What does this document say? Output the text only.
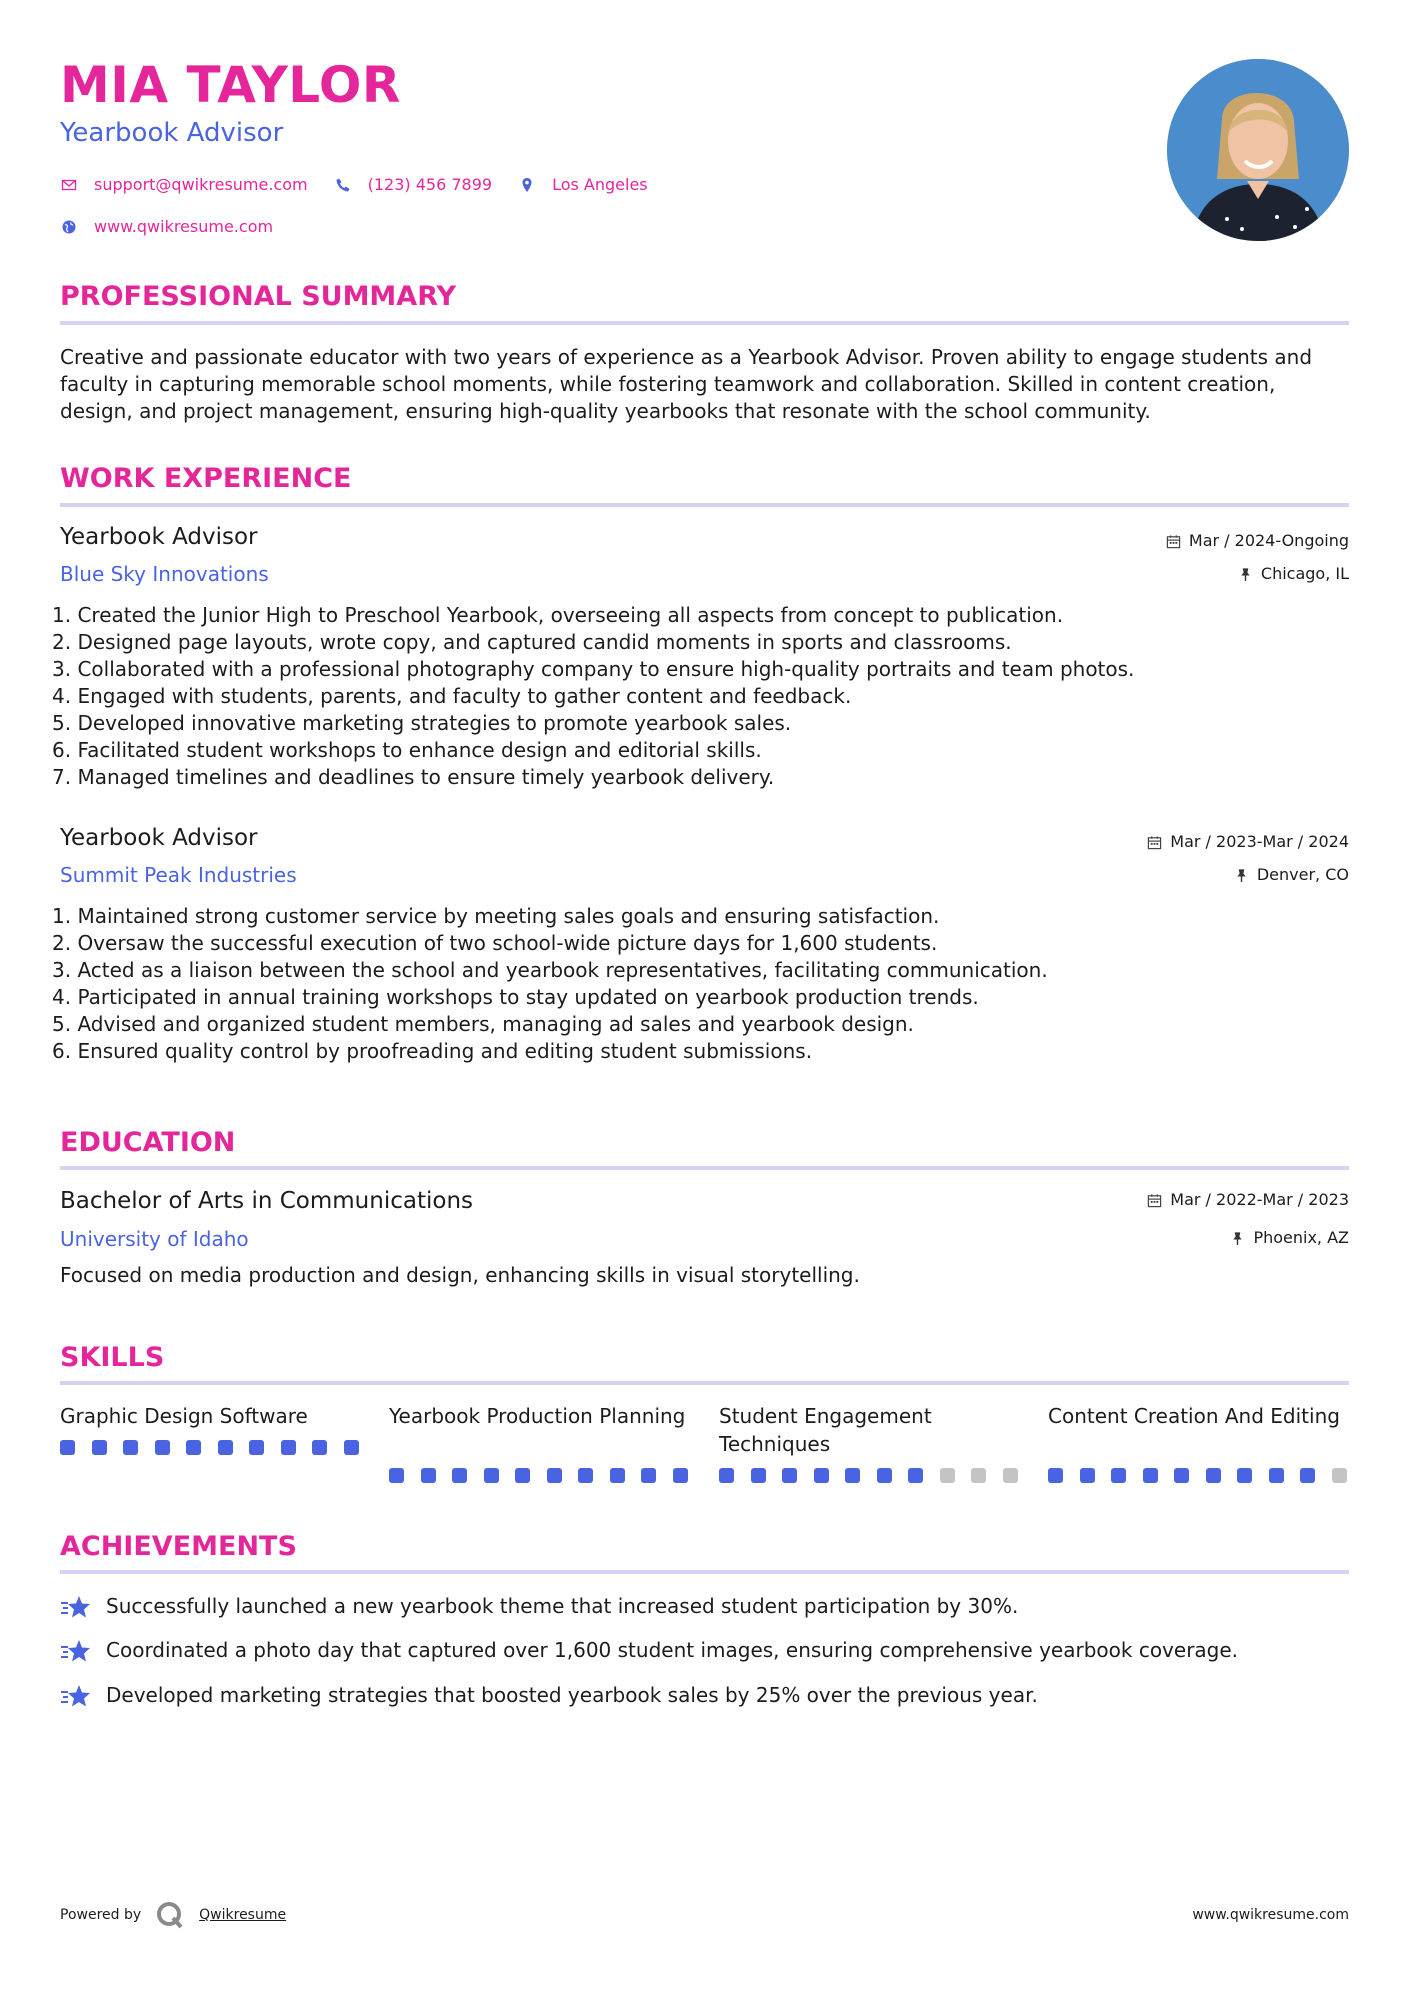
MIA TAYLOR
Yearbook Advisor
support@qwikresume.com	(123) 456 7899	Los Angeles
www.qwikresume.com
PROFESSIONAL SUMMARY
Creative and passionate educator with two years of experience as a Yearbook Advisor. Proven ability to engage students and faculty in capturing memorable school moments, while fostering teamwork and collaboration. Skilled in content creation, design, and project management, ensuring high-quality yearbooks that resonate with the school community.
WORK EXPERIENCE
Yearbook Advisor
Blue Sky Innovations
Mar / 2024-Ongoing
Chicago, IL
1. Created the Junior High to Preschool Yearbook, overseeing all aspects from concept to publication.
2. Designed page layouts, wrote copy, and captured candid moments in sports and classrooms.
3. Collaborated with a professional photography company to ensure high-quality portraits and team photos.
4. Engaged with students, parents, and faculty to gather content and feedback.
5. Developed innovative marketing strategies to promote yearbook sales.
6. Facilitated student workshops to enhance design and editorial skills.
7. Managed timelines and deadlines to ensure timely yearbook delivery.
Yearbook Advisor
Summit Peak Industries
Mar / 2023-Mar / 2024
Denver, CO
1. Maintained strong customer service by meeting sales goals and ensuring satisfaction.
2. Oversaw the successful execution of two school-wide picture days for 1,600 students.
3. Acted as a liaison between the school and yearbook representatives, facilitating communication.
4. Participated in annual training workshops to stay updated on yearbook production trends.
5. Advised and organized student members, managing ad sales and yearbook design.
6. Ensured quality control by proofreading and editing student submissions.
EDUCATION
Bachelor of Arts in Communications
University of Idaho
Mar / 2022-Mar / 2023
Phoenix, AZ
Focused on media production and design, enhancing skills in visual storytelling.
SKILLS
Graphic Design Software	Yearbook Production Planning Student Engagement Techniques
Content Creation And Editing
ACHIEVEMENTS
Successfully launched a new yearbook theme that increased student participation by 30%.
Coordinated a photo day that captured over 1,600 student images, ensuring comprehensive yearbook coverage.
Developed marketing strategies that boosted yearbook sales by 25% over the previous year.
Powered by	Qwikresume	www.qwikresume.com
